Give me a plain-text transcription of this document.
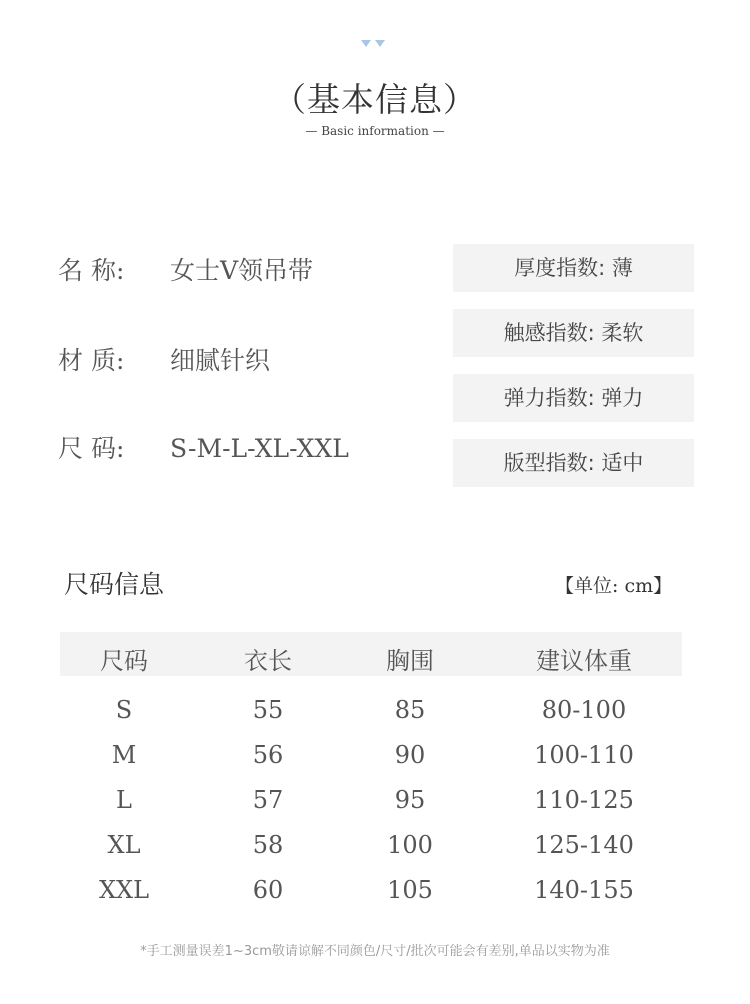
（基本信息）
— Basic information —
名 称: 女士V领吊带
材 质: 细腻针织
尺 码: S-M-L-XL-XXL
厚度指数: 薄
触感指数: 柔软
弹力指数: 弹力
版型指数: 适中
尺码信息	【单位: cm】
尺码	衣长	胸围	建议体重
S	55	85	80-100
M	56	90	100-110
L	57	95	110-125
XL	58	100	125-140
XXL	60	105	140-155
*手工测量误差1~3cm敬请谅解不同颜色/尺寸/批次可能会有差别,单品以实物为准
